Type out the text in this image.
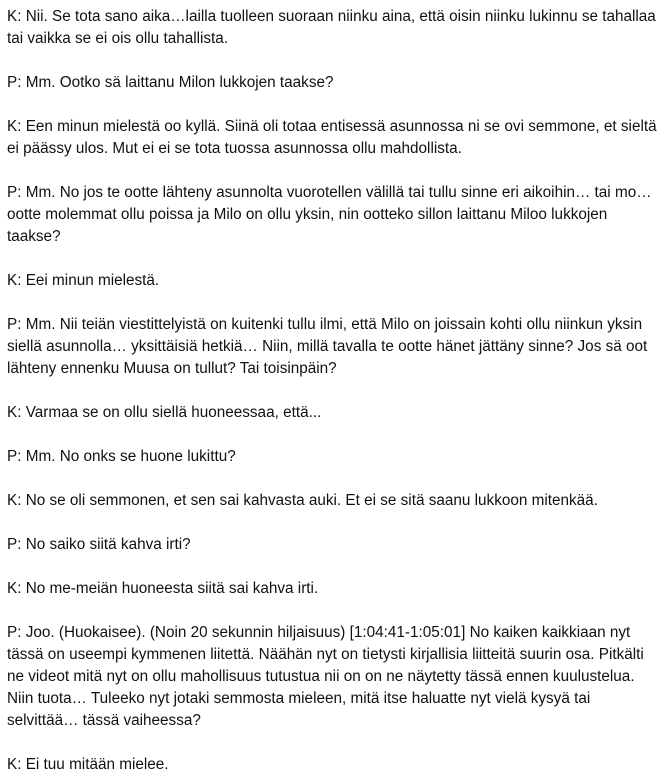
K: Nii. Se tota sano aika…lailla tuolleen suoraan niinku aina, että oisin niinku lukinnu se tahallaa tai vaikka se ei ois ollu tahallista.

P: Mm. Ootko sä laittanu Milon lukkojen taakse?

K: Een minun mielestä oo kyllä. Siinä oli totaa entisessä asunnossa ni se ovi semmone, et sieltä ei päässy ulos. Mut ei ei se tota tuossa asunnossa ollu mahdollista.

P: Mm. No jos te ootte lähteny asunnolta vuorotellen välillä tai tullu sinne eri aikoihin… tai mo… ootte molemmat ollu poissa ja Milo on ollu yksin, nin ootteko sillon laittanu Miloo lukkojen taakse?

K: Eei minun mielestä.

P: Mm. Nii teiän viestittelyistä on kuitenki tullu ilmi, että Milo on joissain kohti ollu niinkun yksin siellä asunnolla… yksittäisiä hetkiä… Niin, millä tavalla te ootte hänet jättäny sinne? Jos sä oot lähteny ennenku Muusa on tullut? Tai toisinpäin?

K: Varmaa se on ollu siellä huoneessaa, että...

P: Mm. No onks se huone lukittu?

K: No se oli semmonen, et sen sai kahvasta auki. Et ei se sitä saanu lukkoon mitenkää.

P: No saiko siitä kahva irti?

K: No me-meiän huoneesta siitä sai kahva irti.

P: Joo. (Huokaisee). (Noin 20 sekunnin hiljaisuus) [1:04:41-1:05:01] No kaiken kaikkiaan nyt tässä on useempi kymmenen liitettä. Näähän nyt on tietysti kirjallisia liitteitä suurin osa. Pitkälti ne videot mitä nyt on ollu mahollisuus tutustua nii on on ne näytetty tässä ennen kuulustelua. Niin tuota… Tuleeko nyt jotaki semmosta mieleen, mitä itse haluatte nyt vielä kysyä tai selvittää… tässä vaiheessa?

K: Ei tuu mitään mielee.
